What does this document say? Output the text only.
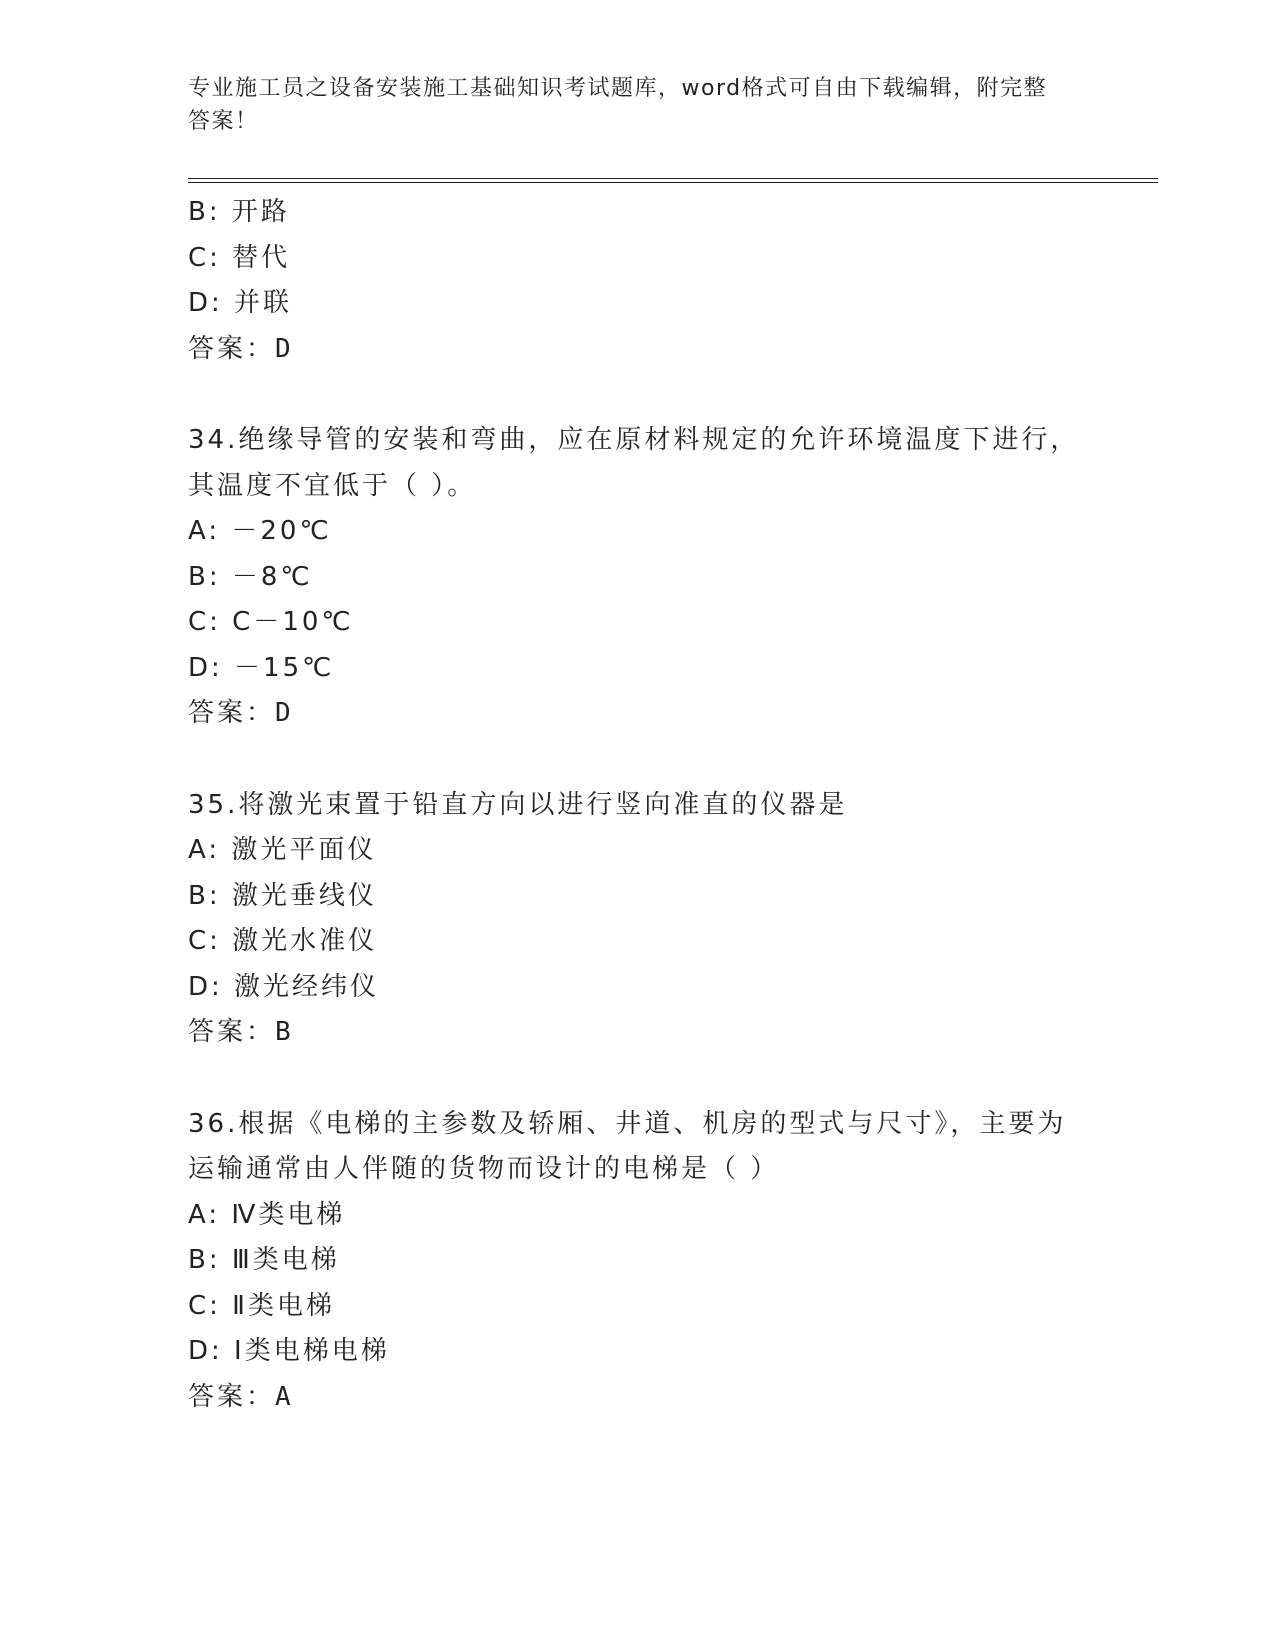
专业施工员之设备安装施工基础知识考试题库，word格式可自由下载编辑，附完整答案！
B: 开路
C: 替代
D: 并联
答案：D
34.绝缘导管的安装和弯曲，应在原材料规定的允许环境温度下进行，
其温度不宜低于（ ）。
A: －20℃
B: －8℃
C: C－10℃
D: －15℃
答案：D
35.将激光束置于铅直方向以进行竖向准直的仪器是
A: 激光平面仪
B: 激光垂线仪
C: 激光水准仪
D: 激光经纬仪
答案：B
36.根据《电梯的主参数及轿厢、井道、机房的型式与尺寸》，主要为
运输通常由人伴随的货物而设计的电梯是（ ）
A: Ⅳ类电梯
B: Ⅲ类电梯
C: Ⅱ类电梯
D: Ⅰ类电梯电梯
答案：A
